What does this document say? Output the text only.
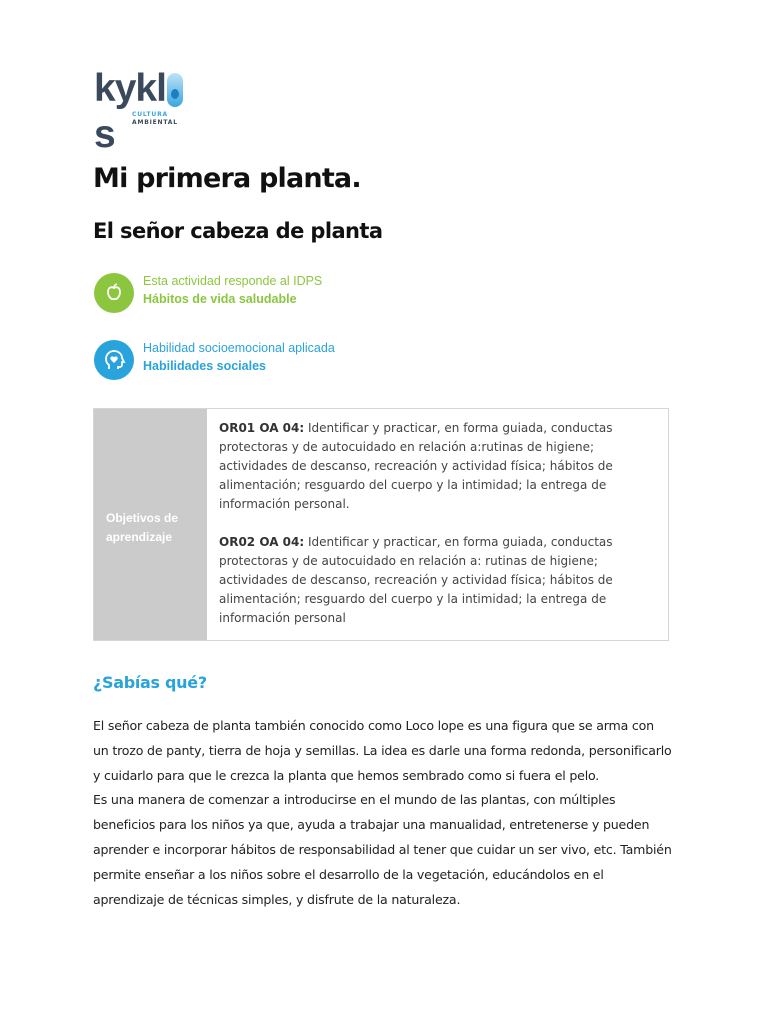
kykls	CULTURA
AMBIENTAL
Mi primera planta.
El señor cabeza de planta
Esta actividad responde al IDPS
Hábitos de vida saludable
Habilidad socioemocional aplicada
Habilidades sociales
Objetivos de aprendizaje

OR01 OA 04: Identificar y practicar, en forma guiada, conductas protectoras y de autocuidado en relación a:rutinas de higiene; actividades de descanso, recreación y actividad física; hábitos de alimentación; resguardo del cuerpo y la intimidad; la entrega de información personal.

OR02 OA 04: Identificar y practicar, en forma guiada, conductas protectoras y de autocuidado en relación a: rutinas de higiene; actividades de descanso, recreación y actividad física; hábitos de alimentación; resguardo del cuerpo y la intimidad; la entrega de información personal

¿Sabías qué?

El señor cabeza de planta también conocido como Loco lope es una figura que se arma con un trozo de panty, tierra de hoja y semillas. La idea es darle una forma redonda, personificarlo y cuidarlo para que le crezca la planta que hemos sembrado como si fuera el pelo.

Es una manera de comenzar a introducirse en el mundo de las plantas, con múltiples beneficios para los niños ya que, ayuda a trabajar una manualidad, entretenerse y pueden aprender e incorporar hábitos de responsabilidad al tener que cuidar un ser vivo, etc. También permite enseñar a los niños sobre el desarrollo de la vegetación, educándolos en el aprendizaje de técnicas simples, y disfrute de la naturaleza.
